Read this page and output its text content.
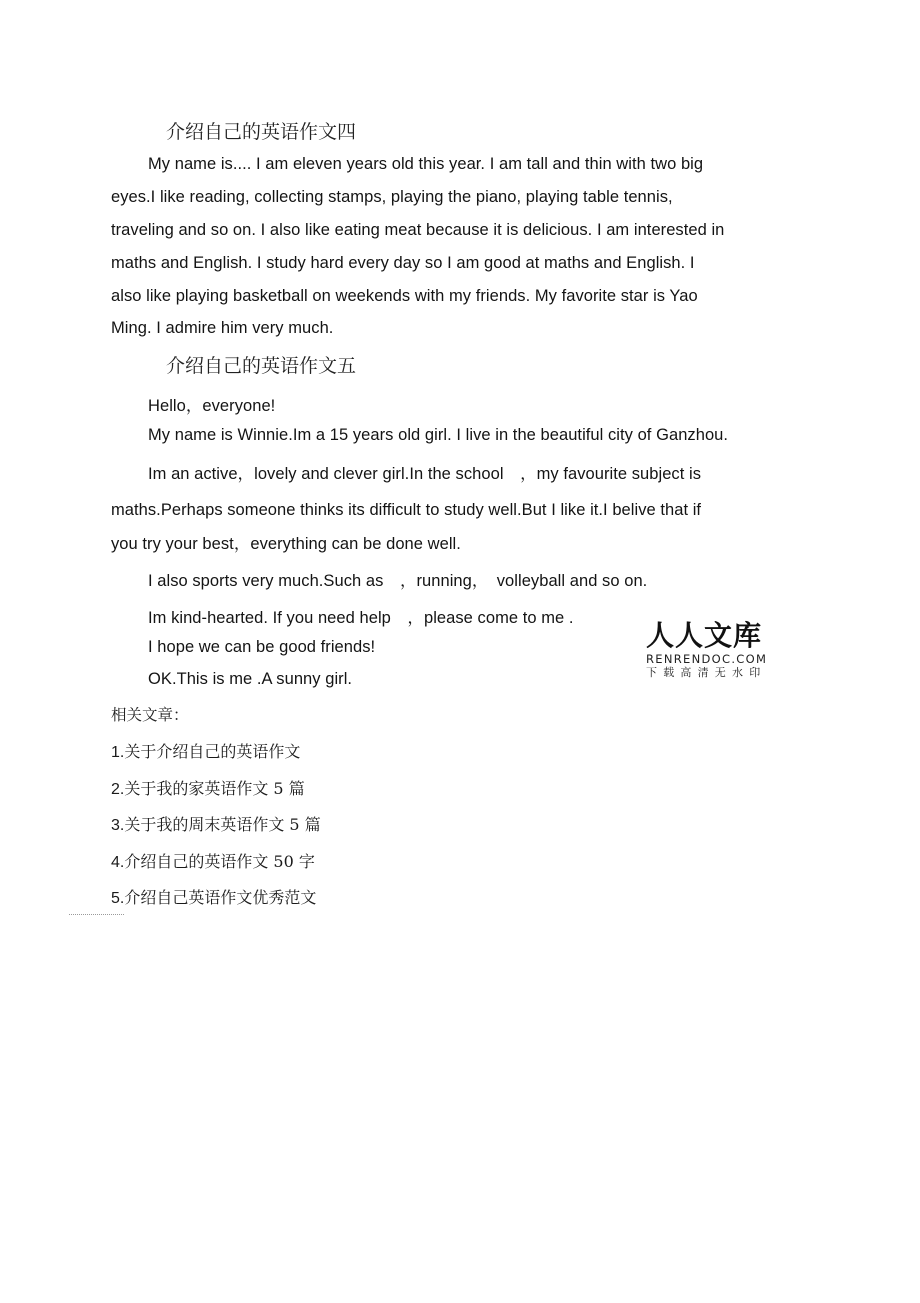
介绍自己的英语作文四
My name is.... I am eleven years old this year. I am tall and thin with two big
eyes.I like reading, collecting stamps, playing the piano, playing table tennis,
traveling and so on. I also like eating meat because it is delicious. I am interested in
maths and English. I study hard every day so I am good at maths and English. I
also like playing basketball on weekends with my friends. My favorite star is Yao
Ming. I admire him very much.
介绍自己的英语作文五
Hello，everyone!
My name is Winnie.Im a 15 years old girl. I live in the beautiful city of Ganzhou.
Im an active，lovely and clever girl.In the school　，my favourite subject is
maths.Perhaps someone thinks its difficult to study well.But I like it.I belive that if
you try your best，everything can be done well.
I also sports very much.Such as　，running，　volleyball and so on.
Im kind-hearted. If you need help　，please come to me .
I hope we can be good friends!
OK.This is me .A sunny girl.
人人文库
RENRENDOC.COM
下载高清无水印
相关文章：
1.关于介绍自己的英语作文
2.关于我的家英语作文 5 篇
3.关于我的周末英语作文 5 篇
4.介绍自己的英语作文 50 字
5.介绍自己英语作文优秀范文
